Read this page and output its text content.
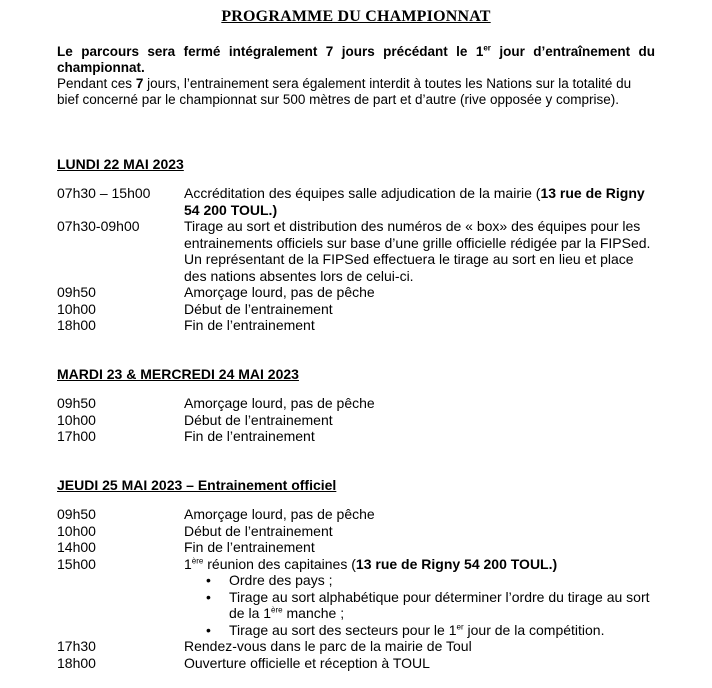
PROGRAMME DU CHAMPIONNAT

Le parcours sera fermé intégralement 7 jours précédant le 1er jour d’entraînement du championnat.

Pendant ces 7 jours, l’entrainement sera également interdit à toutes les Nations sur la totalité du bief concerné par le championnat sur 500 mètres de part et d’autre (rive opposée y comprise).

LUNDI 22 MAI 2023
07h30 – 15h00	Accréditation des équipes salle adjudication de la mairie (13 rue de Rigny 54 200 TOUL.)
07h30-09h00	Tirage au sort et distribution des numéros de « box» des équipes pour les entrainements officiels sur base d’une grille officielle rédigée par la FIPSed. Un représentant de la FIPSed effectuera le tirage au sort en lieu et place des nations absentes lors de celui-ci.
09h50	Amorçage lourd, pas de pêche
10h00	Début de l’entrainement
18h00	Fin de l’entrainement
MARDI 23 & MERCREDI 24 MAI 2023
09h50	Amorçage lourd, pas de pêche
10h00	Début de l’entrainement
17h00	Fin de l’entrainement
JEUDI 25 MAI 2023 – Entrainement officiel
09h50	Amorçage lourd, pas de pêche
10h00	Début de l’entrainement
14h00	Fin de l’entrainement
15h00	1ère réunion des capitaines (13 rue de Rigny 54 200 TOUL.)
• Ordre des pays ;
• Tirage au sort alphabétique pour déterminer l’ordre du tirage au sort de la 1ère manche ;
• Tirage au sort des secteurs pour le 1er jour de la compétition.
17h30	Rendez-vous dans le parc de la mairie de Toul
18h00	Ouverture officielle et réception à TOUL
